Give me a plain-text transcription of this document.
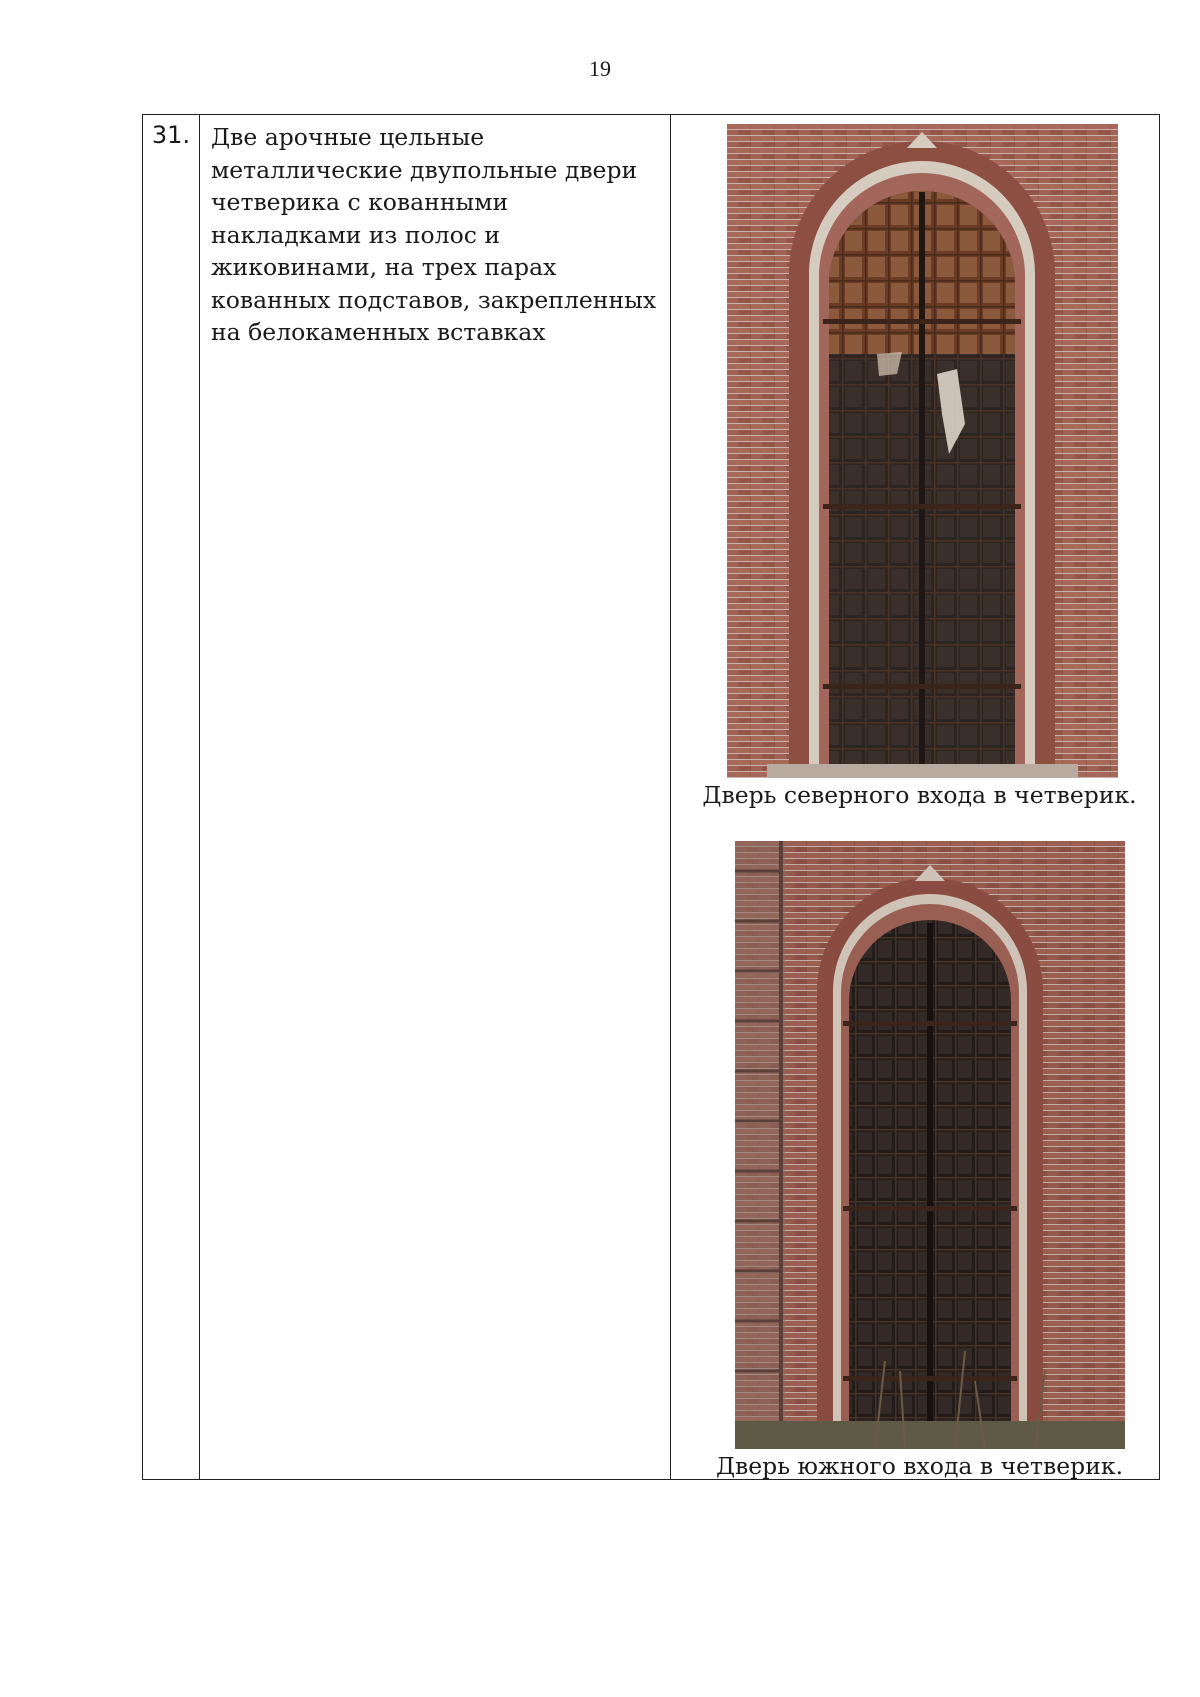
19
31.	Две арочные цельные металлические двупольные двери четверика с кованными накладками из полос и жиковинами, на трех парах кованных подставов, закрепленных на белокаменных вставках	
Дверь северного входа в четверик.
Дверь южного входа в четверик.
